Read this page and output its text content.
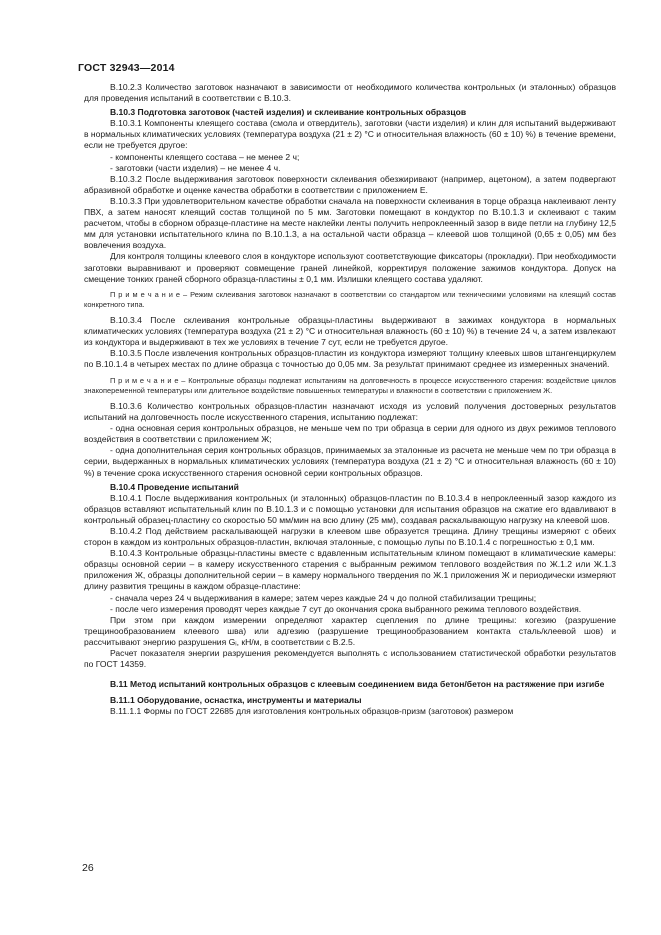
ГОСТ 32943—2014

В.10.2.3 Количество заготовок назначают в зависимости от необходимого количества контрольных (и эталонных) образцов для проведения испытаний в соответствии с В.10.3.

В.10.3 Подготовка заготовок (частей изделия) и склеивание контрольных образцов

В.10.3.1 Компоненты клеящего состава (смола и отвердитель), заготовки (части изделия) и клин для испытаний выдерживают в нормальных климатических условиях (температура воздуха (21 ± 2) °С и относительная влажность (60 ± 10) %) в течение времени, если не требуется другое:

- компоненты клеящего состава – не менее 2 ч;

- заготовки (части изделия) – не менее 4 ч.

В.10.3.2 После выдерживания заготовок поверхности склеивания обезжиривают (например, ацетоном), а затем подвергают абразивной обработке и оценке качества обработки в соответствии с приложением Е.

В.10.3.3 При удовлетворительном качестве обработки сначала на поверхности склеивания в торце образца наклеивают ленту ПВХ, а затем наносят клеящий состав толщиной по 5 мм. Заготовки помещают в кондуктор по В.10.1.3 и склеивают с таким расчетом, чтобы в сборном образце-пластине на месте наклейки ленты получить непроклеенный зазор в виде петли на глубину 12,5 мм для установки испытательного клина по В.10.1.3, а на остальной части образца – клеевой шов толщиной (0,65 ± 0,05) мм без вовлечения воздуха.

Для контроля толщины клеевого слоя в кондукторе используют соответствующие фиксаторы (прокладки). При необходимости заготовки выравнивают и проверяют совмещение граней линейкой, корректируя положение зажимов кондуктора. Допуск на смещение тонких граней сборного образца-пластины ± 0,1 мм. Излишки клеящего состава удаляют.

П р и м е ч а н и е – Режим склеивания заготовок назначают в соответствии со стандартом или техническими условиями на клеящий состав конкретного типа.

В.10.3.4 После склеивания контрольные образцы-пластины выдерживают в зажимах кондуктора в нормальных климатических условиях (температура воздуха (21 ± 2) °С и относительная влажность (60 ± 10) %) в течение 24 ч, а затем извлекают из кондуктора и выдерживают в тех же условиях в течение 7 сут, если не требуется другое.

В.10.3.5 После извлечения контрольных образцов-пластин из кондуктора измеряют толщину клеевых швов штангенциркулем по В.10.1.4 в четырех местах по длине образца с точностью до 0,05 мм. За результат принимают среднее из измеренных значений.

П р и м е ч а н и е – Контрольные образцы подлежат испытаниям на долговечность в процессе искусственного старения: воздействие циклов знакопеременной температуры или длительное воздействие повышенных температуры и влажности в соответствии с приложением Ж.

В.10.3.6 Количество контрольных образцов-пластин назначают исходя из условий получения достоверных результатов испытаний на долговечность после искусственного старения, испытанию подлежат:

- одна основная серия контрольных образцов, не меньше чем по три образца в серии для одного из двух режимов теплового воздействия в соответствии с приложением Ж;

- одна дополнительная серия контрольных образцов, принимаемых за эталонные из расчета не меньше чем по три образца в серии, выдержанных в нормальных климатических условиях (температура воздуха (21 ± 2) °С и относительная влажность (60 ± 10) %) в течение срока искусственного старения основной серии контрольных образцов.

В.10.4 Проведение испытаний

В.10.4.1 После выдерживания контрольных (и эталонных) образцов-пластин по В.10.3.4 в непроклеенный зазор каждого из образцов вставляют испытательный клин по В.10.1.3 и с помощью установки для испытания образцов на сжатие его вдавливают в контрольный образец-пластину со скоростью 50 мм/мин на всю длину (25 мм), создавая раскалывающую нагрузку на клеевой шов.

В.10.4.2 Под действием раскалывающей нагрузки в клеевом шве образуется трещина. Длину трещины измеряют с обеих сторон в каждом из контрольных образцов-пластин, включая эталонные, с помощью лупы по В.10.1.4 с погрешностью ± 0,1 мм.

В.10.4.3 Контрольные образцы-пластины вместе с вдавленным испытательным клином помещают в климатические камеры: образцы основной серии – в камеру искусственного старения с выбранным режимом теплового воздействия по Ж.1.2 или Ж.1.3 приложения Ж, образцы дополнительной серии – в камеру нормального твердения по Ж.1 приложения Ж и периодически измеряют длину развития трещины в каждом образце-пластине:

- сначала через 24 ч выдерживания в камере; затем через каждые 24 ч до полной стабилизации трещины;

- после чего измерения проводят через каждые 7 сут до окончания срока выбранного режима теплового воздействия.

При этом при каждом измерении определяют характер сцепления по длине трещины: когезию (разрушение трещинообразованием клеевого шва) или адгезию (разрушение трещинообразованием контакта сталь/клеевой шов) и рассчитывают энергию разрушения Gᵢ, кН/м, в соответствии с В.2.5.

Расчет показателя энергии разрушения рекомендуется выполнять с использованием статистической обработки результатов по ГОСТ 14359.

В.11 Метод испытаний контрольных образцов с клеевым соединением вида бетон/бетон на растяжение при изгибе

В.11.1 Оборудование, оснастка, инструменты и материалы

В.11.1.1 Формы по ГОСТ 22685 для изготовления контрольных образцов-призм (заготовок) размером

26
